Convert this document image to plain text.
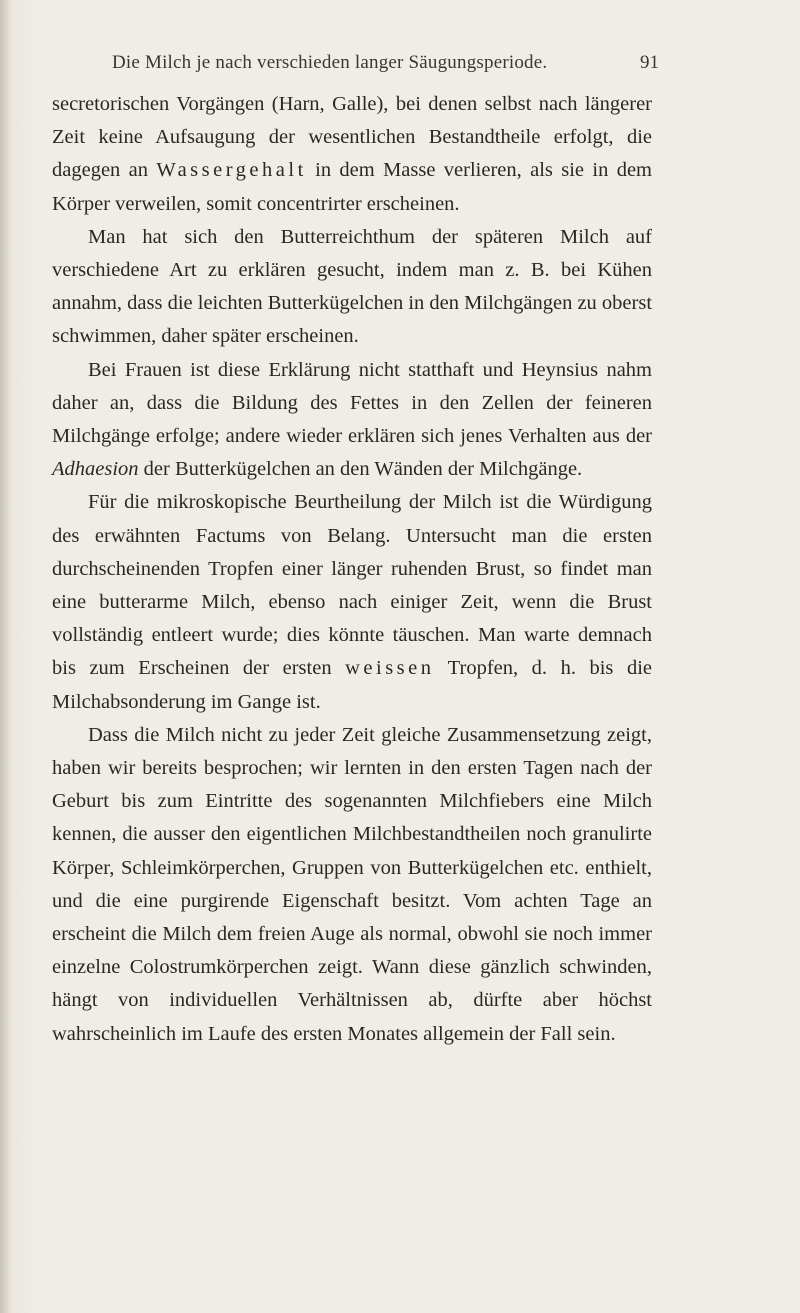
Die Milch je nach verschieden langer Säugungsperiode.	91

secretorischen Vorgängen (Harn, Galle), bei denen selbst nach längerer Zeit keine Aufsaugung der wesentlichen Bestandtheile erfolgt, die dagegen an Wassergehalt in dem Masse verlieren, als sie in dem Körper verweilen, somit concentrirter erscheinen.

Man hat sich den Butterreichthum der späteren Milch auf verschiedene Art zu erklären gesucht, indem man z. B. bei Kühen annahm, dass die leichten Butterkügelchen in den Milchgängen zu oberst schwimmen, daher später erscheinen.

Bei Frauen ist diese Erklärung nicht statthaft und Heynsius nahm daher an, dass die Bildung des Fettes in den Zellen der feineren Milchgänge erfolge; andere wieder erklären sich jenes Verhalten aus der Adhaesion der Butterkügelchen an den Wänden der Milchgänge.

Für die mikroskopische Beurtheilung der Milch ist die Würdigung des erwähnten Factums von Belang. Untersucht man die ersten durchscheinenden Tropfen einer länger ruhenden Brust, so findet man eine butterarme Milch, ebenso nach einiger Zeit, wenn die Brust vollständig entleert wurde; dies könnte täuschen. Man warte demnach bis zum Erscheinen der ersten weissen Tropfen, d. h. bis die Milchabsonderung im Gange ist.

Dass die Milch nicht zu jeder Zeit gleiche Zusammensetzung zeigt, haben wir bereits besprochen; wir lernten in den ersten Tagen nach der Geburt bis zum Eintritte des sogenannten Milchfiebers eine Milch kennen, die ausser den eigentlichen Milchbestandtheilen noch granulirte Körper, Schleimkörperchen, Gruppen von Butterkügelchen etc. enthielt, und die eine purgirende Eigenschaft besitzt. Vom achten Tage an erscheint die Milch dem freien Auge als normal, obwohl sie noch immer einzelne Colostrumkörperchen zeigt. Wann diese gänzlich schwinden, hängt von individuellen Verhältnissen ab, dürfte aber höchst wahrscheinlich im Laufe des ersten Monates allgemein der Fall sein.
